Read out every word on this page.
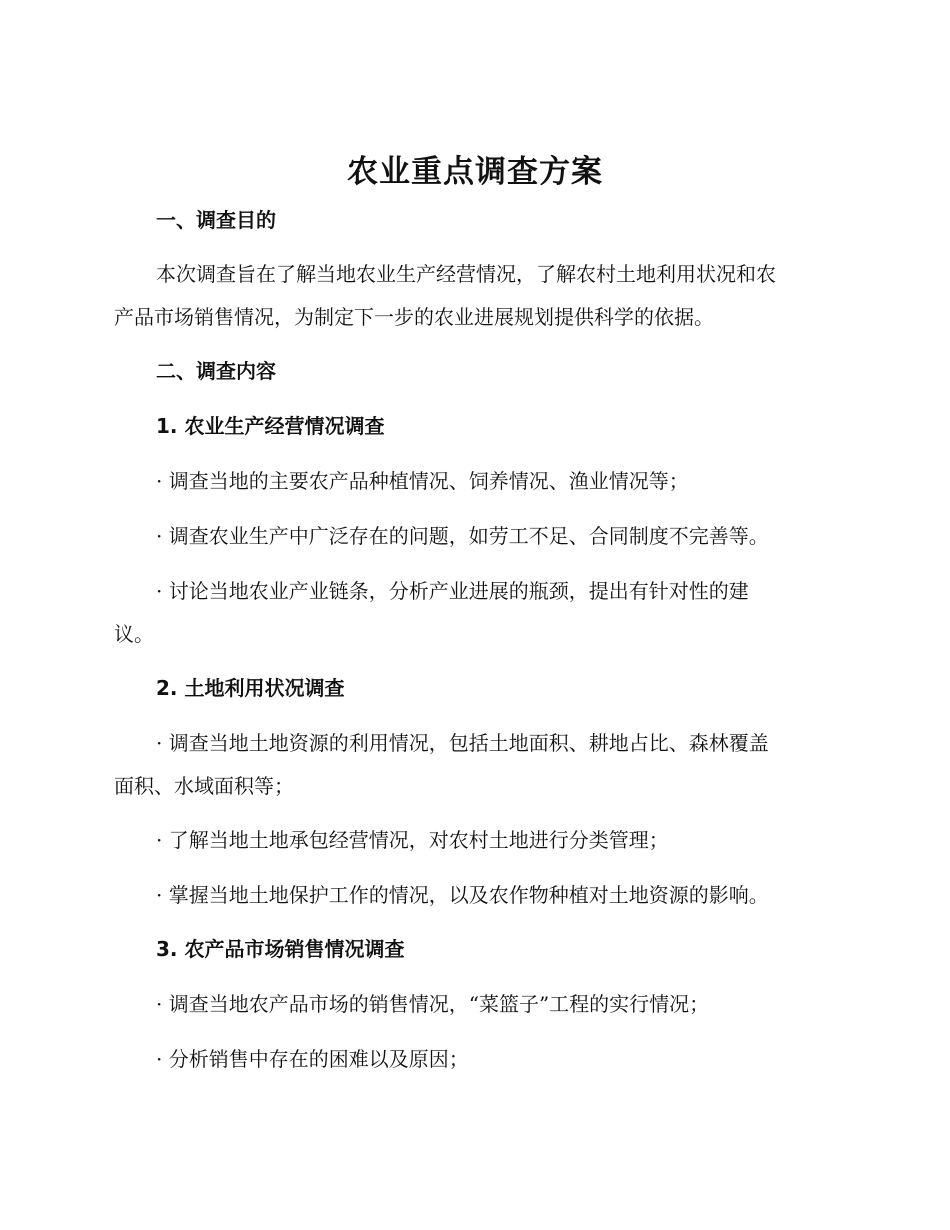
农业重点调查方案
一、调查目的
本次调查旨在了解当地农业生产经营情况，了解农村土地利用状况和农
产品市场销售情况，为制定下一步的农业进展规划提供科学的依据。
二、调查内容
1. 农业生产经营情况调查
· 调查当地的主要农产品种植情况、饲养情况、渔业情况等；
· 调查农业生产中广泛存在的问题，如劳工不足、合同制度不完善等。
· 讨论当地农业产业链条，分析产业进展的瓶颈，提出有针对性的建
议。
2. 土地利用状况调查
· 调查当地土地资源的利用情况，包括土地面积、耕地占比、森林覆盖
面积、水域面积等；
· 了解当地土地承包经营情况，对农村土地进行分类管理；
· 掌握当地土地保护工作的情况，以及农作物种植对土地资源的影响。
3. 农产品市场销售情况调查
· 调查当地农产品市场的销售情况，“菜篮子”工程的实行情况；
· 分析销售中存在的困难以及原因；
